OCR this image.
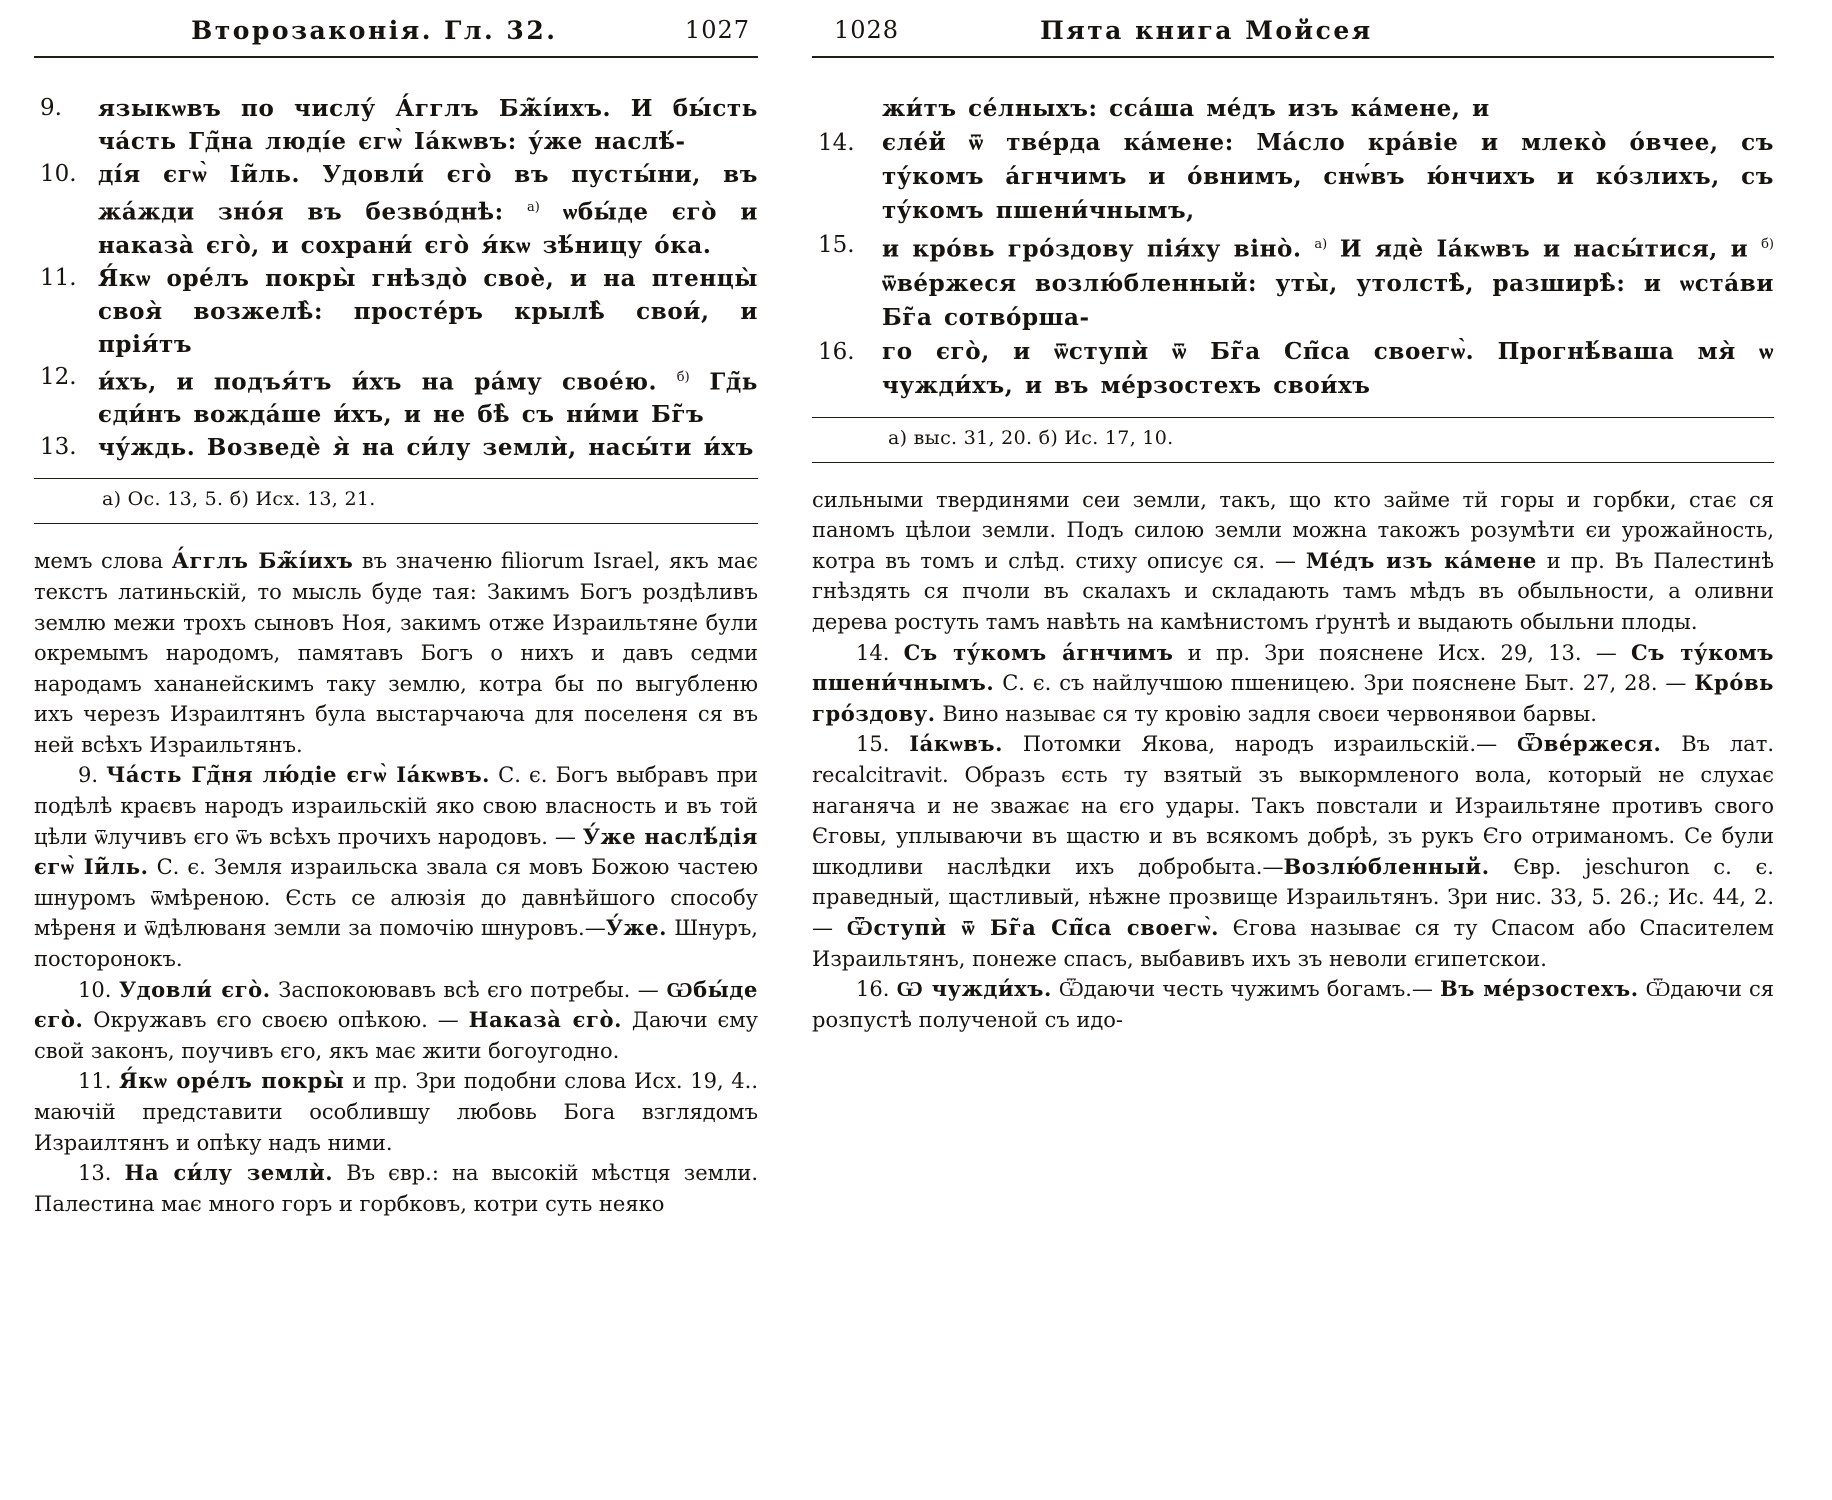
Второзаконія. Гл. 32.	1027
9. языкѡвъ по числу́ А́гглъ Бж̃і́ихъ. И бы́сть ча́сть Гд̃на люді́е єгѡ̀ Іа́кѡвъ: у́же наслѣ́-
10. ді́я єгѡ̀ Іи̃ль. Удовли́ єго̀ въ пусты́ни, въ жа́жди зно́я въ безво́днѣ: $^{а)}$ ѡбы́де єго̀ и наказа̀ єго̀, и сохрани́ єго̀ я́кѡ зѣ́ницу о́ка.
11. Я́кѡ оре́лъ покры̀ гнѣздо̀ своѐ, и на птенцы̀ своя̀ возжелѣ̀: просте́ръ крылѣ̀ свои́, и прія́тъ
12. и́хъ, и подъя́тъ и́хъ на ра́му свое́ю. $^{б)}$ Гд̃ь єди́нъ вожда́ше и́хъ, и не бѣ̀ съ ни́ми Бг̃ъ
13. чу́ждь. Возведѐ я̀ на си́лу землѝ, насы́ти и́хъ
а) Ос. 13, 5. б) Исх. 13, 21.

мемъ слова А́гглъ Бж̃і́ихъ въ значеню filiorum Israel, якъ має текстъ латиньскій, то мысль буде тая: Закимъ Богъ роздѣливъ землю межи трохъ сыновъ Ноя, закимъ отже Израильтяне були окремымъ народомъ, памятавъ Богъ о нихъ и давъ седми народамъ хананейскимъ таку землю, котра бы по выгубленю ихъ черезъ Израилтянъ була выстарчаюча для поселеня ся въ ней всѣхъ Израильтянъ.

9. Ча́сть Гд̃ня лю́діе єгѡ̀ Іа́кѡвъ. С. є. Богъ выбравъ при подѣлѣ краєвъ народъ израильскій яко свою власность и въ той цѣли ѿлучивъ єго ѿъ всѣхъ прочихъ народовъ. — У́же наслѣ́дія єгѡ̀ Іи̃ль. С. є. Земля израильска звала ся мовъ Божою частею шнуромъ ѿмѣреною. Єсть се алюзія до давнѣйшого способу мѣреня и ѿдѣлюваня земли за помочію шнуровъ.—У́же. Шнуръ, посторонокъ.

10. Удовли́ єго̀. Заспокоювавъ всѣ єго потребы. — Ѡбы́де єго̀. Окружавъ єго своєю опѣкою. — Наказа̀ єго̀. Даючи єму свой законъ, поучивъ єго, якъ має жити богоугодно.

11. Я́кѡ оре́лъ покры̀ и пр. Зри подобни слова Исх. 19, 4.. маючій представити особлившу любовь Бога взглядомъ Израилтянъ и опѣку надъ ними.

13. На си́лу землѝ. Въ євр.: на высокій мѣстця земли. Палестина має много горъ и горбковъ, котри суть неяко

1028	Пята книга Мойсея
жи́тъ се́лныхъ: сса́ша ме́дъ изъ ка́мене, и
14. єле́й ѿ тве́рда ка́мене: Ма́сло кра́віе и млеко̀ о́вчее, съ ту́комъ а́гнчимъ и о́внимъ, снѡ́въ ю́нчихъ и ко́злихъ, съ ту́комъ пшени́чнымъ,
15. и кро́вь гро́здову пія́ху віно̀. $^{а)}$ И ядѐ Іа́кѡвъ и насы́тися, и $^{б)}$ ѿве́ржеся возлю́бленный: уты̀, утолстѣ̀, разширѣ̀: и ѡста́ви Бг̃а сотво́рша-
16. го єго̀, и ѿступѝ ѿ Бг̃а Сп̃са своегѡ̀. Прогнѣ́ваша мя̀ ѡ чужди́хъ, и въ ме́рзостехъ свои́хъ
а) выс. 31, 20. б) Ис. 17, 10.

сильными твердинями сеи земли, такъ, що кто займе тй горы и горбки, стає ся паномъ цѣлои земли. Подъ силою земли можна такожъ розумѣти єи урожайность, котра въ томъ и слѣд. стиху описує ся. — Ме́дъ изъ ка́мене и пр. Въ Палестинѣ гнѣздять ся пчоли въ скалахъ и складають тамъ мѣдъ въ обыльности, а оливни дерева ростуть тамъ навѣть на камѣнистомъ ґрунтѣ и выдають обыльни плоды.

14. Съ ту́комъ а́гнчимъ и пр. Зри пояснене Исх. 29, 13. — Съ ту́комъ пшени́чнымъ. С. є. съ найлучшою пшеницею. Зри пояснене Быт. 27, 28. — Кро́вь гро́здову. Вино называє ся ту кровію задля своєи червонявои барвы.

15. Іа́кѡвъ. Потомки Якова, народъ израильскій.— Ѿве́ржеся. Въ лат. recalcitravit. Образъ єсть ту взятый зъ выкормленого вола, который не слухає наганяча и не зважає на єго удары. Такъ повстали и Израильтяне противъ свого Єговы, уплываючи въ щастю и въ всякомъ добрѣ, зъ рукъ Єго отриманомъ. Се були шкодливи наслѣдки ихъ добробыта.—Возлю́бленный. Євр. jeschuron с. є. праведный, щастливый, нѣжне прозвище Израильтянъ. Зри нис. 33, 5. 26.; Ис. 44, 2. — Ѿступѝ ѿ Бг̃а Сп̃са своегѡ̀. Єгова называє ся ту Спасом або Спасителем Израильтянъ, понеже спасъ, выбавивъ ихъ зъ неволи єгипетскои.

16. Ѡ чужди́хъ. Ѿдаючи честь чужимъ богамъ.— Въ ме́рзостехъ. Ѿдаючи ся розпустѣ полученой съ идо-
